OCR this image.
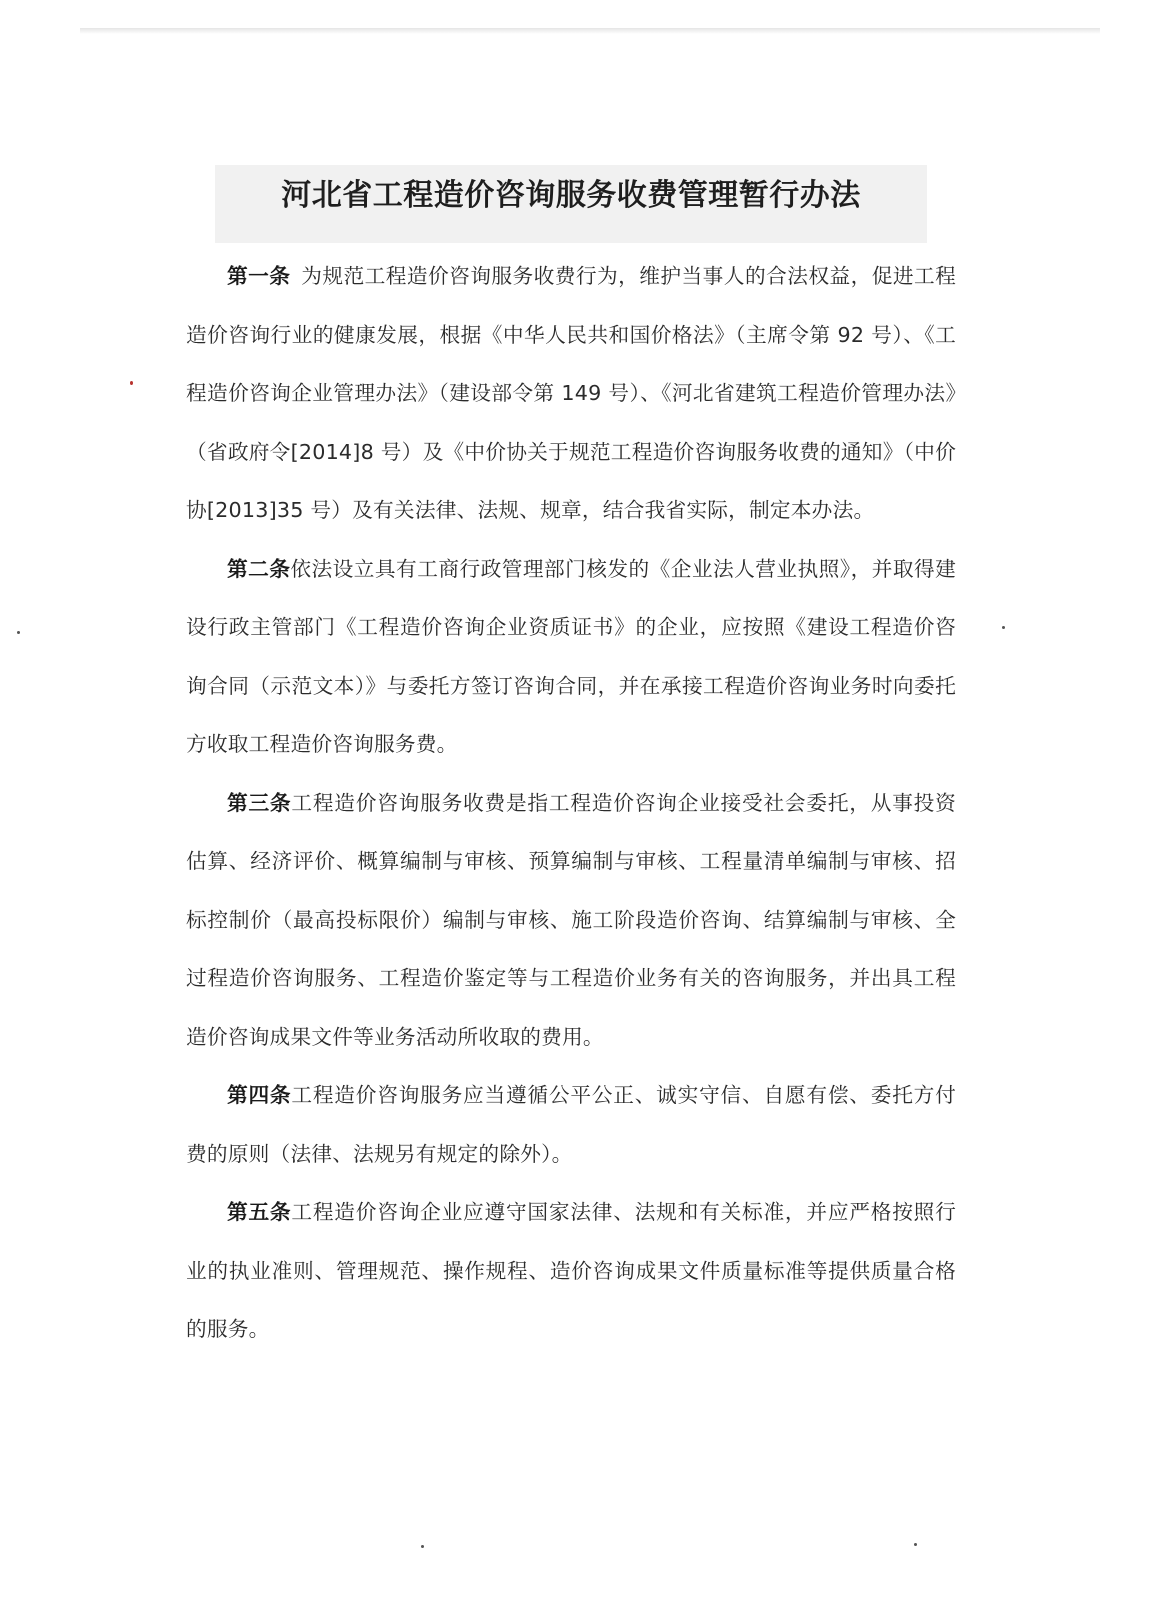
河北省工程造价咨询服务收费管理暂行办法

第一条  为规范工程造价咨询服务收费行为，维护当事人的合法权益，促进工程造价咨询行业的健康发展，根据《中华人民共和国价格法》（主席令第 92 号）、《工程造价咨询企业管理办法》（建设部令第 149 号）、《河北省建筑工程造价管理办法》（省政府令[2014]8 号）及《中价协关于规范工程造价咨询服务收费的通知》（中价协[2013]35 号）及有关法律、法规、规章，结合我省实际，制定本办法。

第二条依法设立具有工商行政管理部门核发的《企业法人营业执照》，并取得建设行政主管部门《工程造价咨询企业资质证书》的企业，应按照《建设工程造价咨询合同（示范文本）》与委托方签订咨询合同，并在承接工程造价咨询业务时向委托方收取工程造价咨询服务费。

第三条工程造价咨询服务收费是指工程造价咨询企业接受社会委托，从事投资估算、经济评价、概算编制与审核、预算编制与审核、工程量清单编制与审核、招标控制价（最高投标限价）编制与审核、施工阶段造价咨询、结算编制与审核、全过程造价咨询服务、工程造价鉴定等与工程造价业务有关的咨询服务，并出具工程造价咨询成果文件等业务活动所收取的费用。

第四条工程造价咨询服务应当遵循公平公正、诚实守信、自愿有偿、委托方付费的原则（法律、法规另有规定的除外）。

第五条工程造价咨询企业应遵守国家法律、法规和有关标准，并应严格按照行业的执业准则、管理规范、操作规程、造价咨询成果文件质量标准等提供质量合格的服务。
